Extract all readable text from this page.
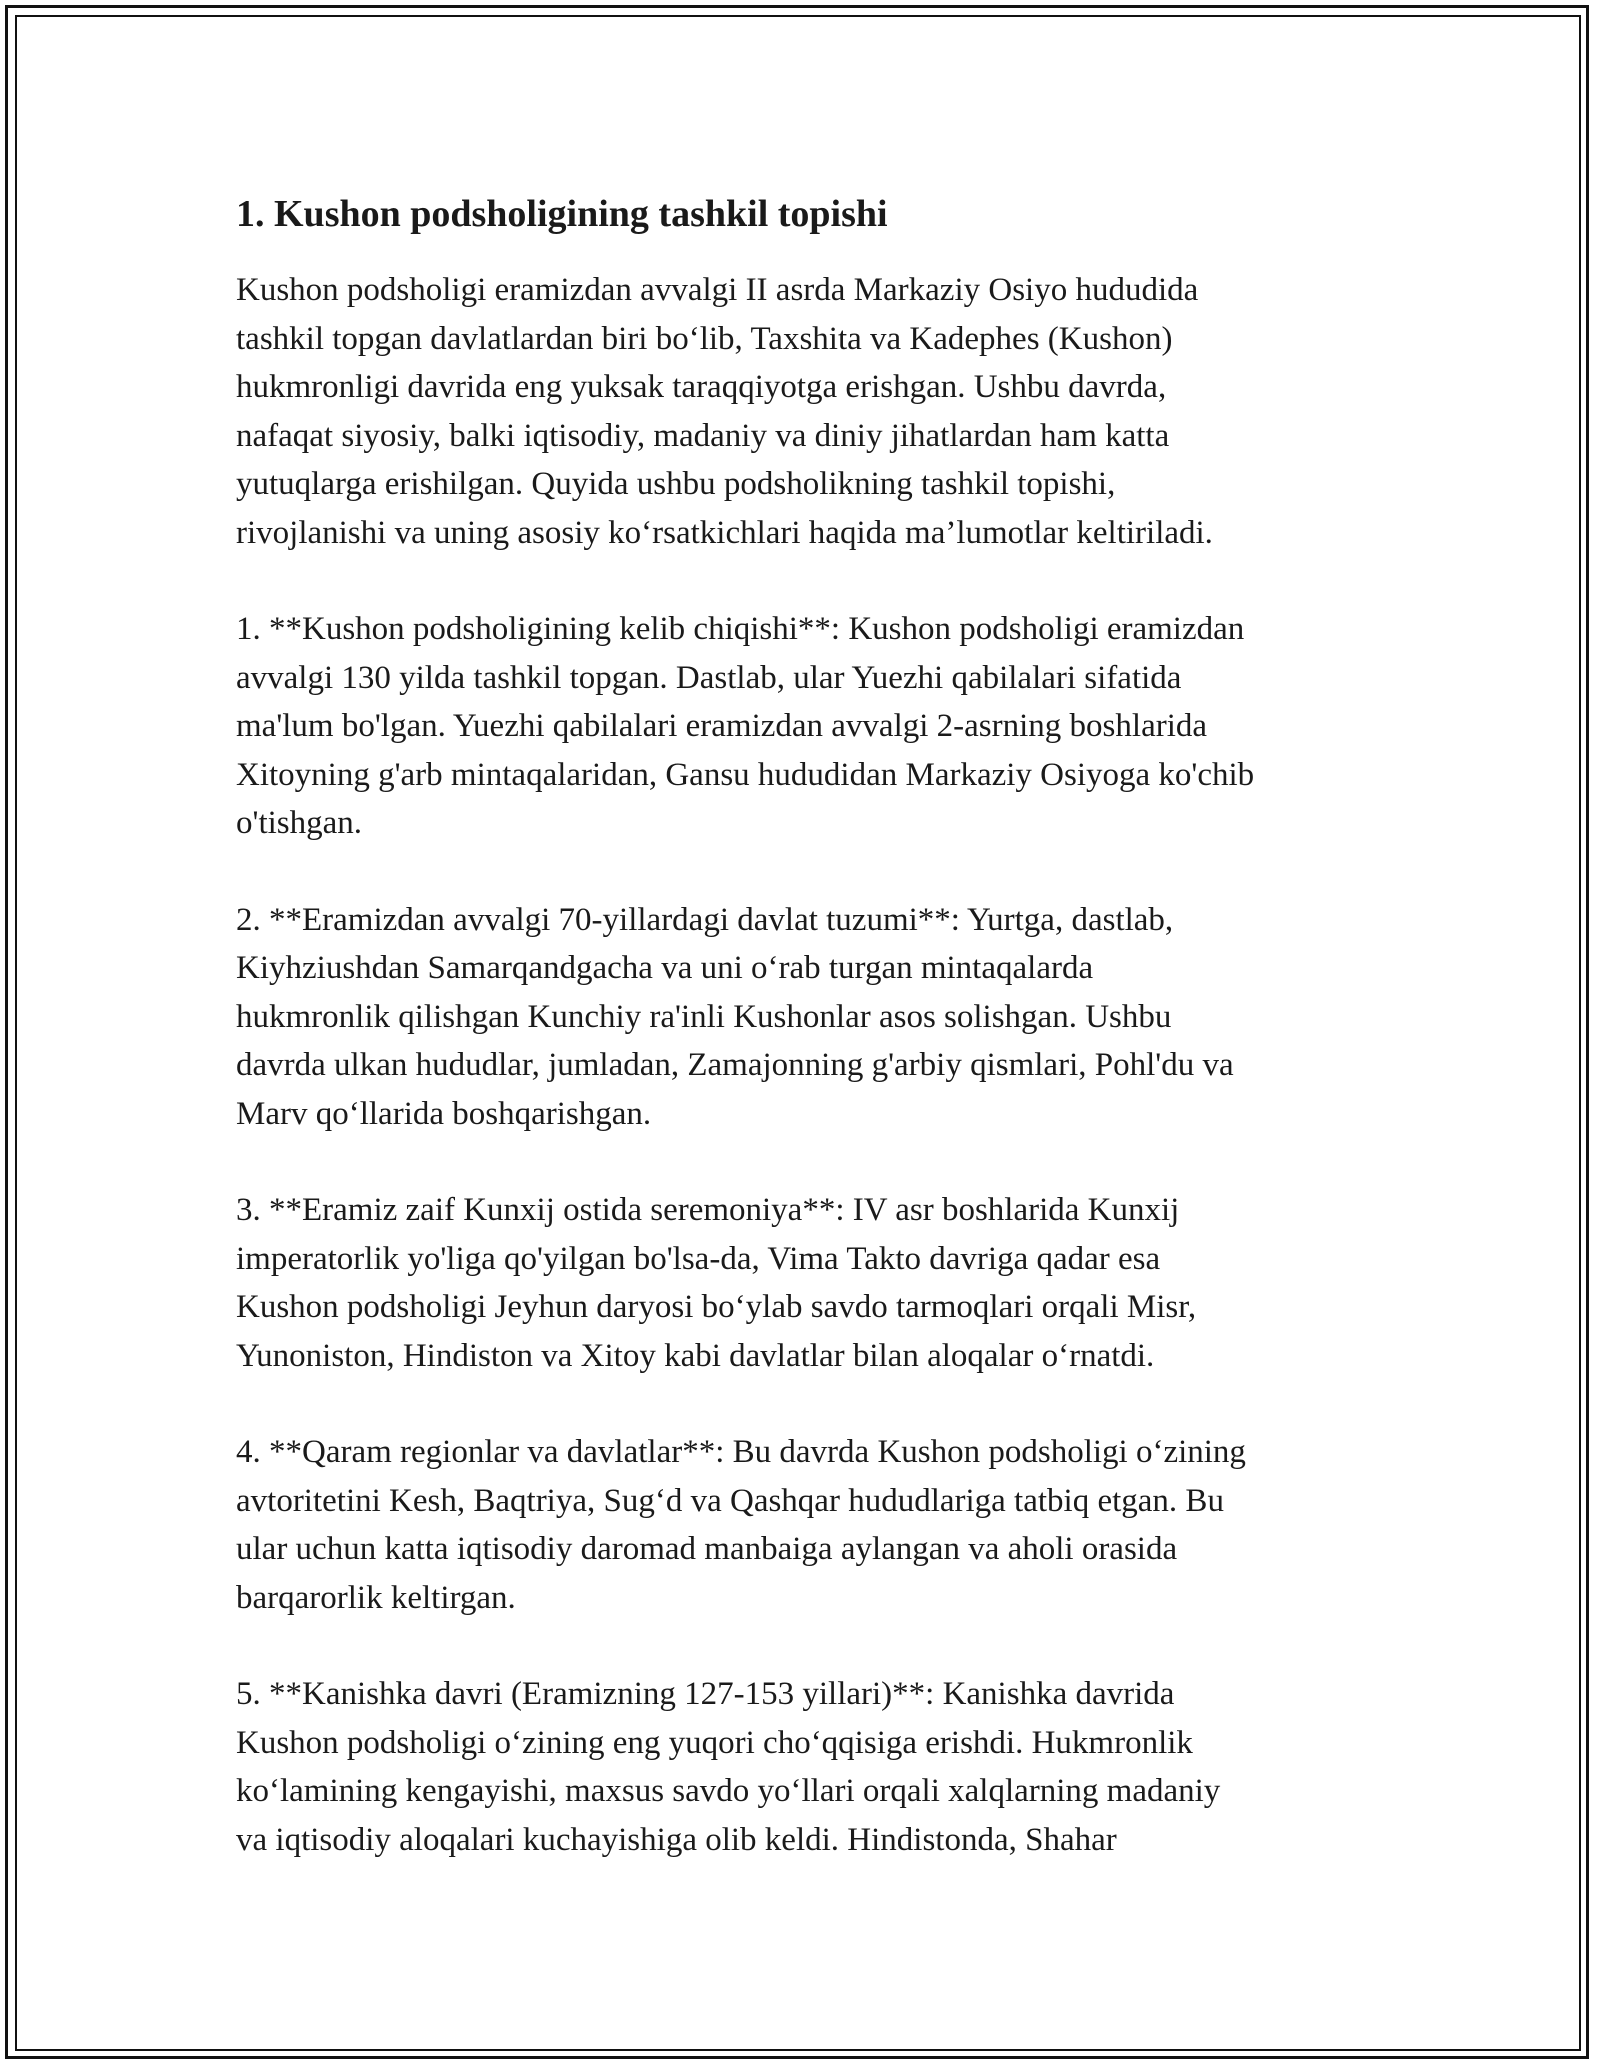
1. Kushon podsholigining tashkil topishi

Kushon podsholigi eramizdan avvalgi II asrda Markaziy Osiyo hududida
tashkil topgan davlatlardan biri bo‘lib, Taxshita va Kadephes (Kushon)
hukmronligi davrida eng yuksak taraqqiyotga erishgan. Ushbu davrda,
nafaqat siyosiy, balki iqtisodiy, madaniy va diniy jihatlardan ham katta
yutuqlarga erishilgan. Quyida ushbu podsholikning tashkil topishi,
rivojlanishi va uning asosiy ko‘rsatkichlari haqida ma’lumotlar keltiriladi.

1. **Kushon podsholigining kelib chiqishi**: Kushon podsholigi eramizdan
avvalgi 130 yilda tashkil topgan. Dastlab, ular Yuezhi qabilalari sifatida
ma'lum bo'lgan. Yuezhi qabilalari eramizdan avvalgi 2-asrning boshlarida
Xitoyning g'arb mintaqalaridan, Gansu hududidan Markaziy Osiyoga ko'chib
o'tishgan.

2. **Eramizdan avvalgi 70-yillardagi davlat tuzumi**: Yurtga, dastlab,
Kiyhziushdan Samarqandgacha va uni o‘rab turgan mintaqalarda
hukmronlik qilishgan Kunchiy ra'inli Kushonlar asos solishgan. Ushbu
davrda ulkan hududlar, jumladan, Zamajonning g'arbiy qismlari, Pohl'du va
Marv qo‘llarida boshqarishgan.

3. **Eramiz zaif Kunxij ostida seremoniya**: IV asr boshlarida Kunxij
imperatorlik yo'liga qo'yilgan bo'lsa-da, Vima Takto davriga qadar esa
Kushon podsholigi Jeyhun daryosi bo‘ylab savdo tarmoqlari orqali Misr,
Yunoniston, Hindiston va Xitoy kabi davlatlar bilan aloqalar o‘rnatdi.

4. **Qaram regionlar va davlatlar**: Bu davrda Kushon podsholigi o‘zining
avtoritetini Kesh, Baqtriya, Sug‘d va Qashqar hududlariga tatbiq etgan. Bu
ular uchun katta iqtisodiy daromad manbaiga aylangan va aholi orasida
barqarorlik keltirgan.

5. **Kanishka davri (Eramizning 127-153 yillari)**: Kanishka davrida
Kushon podsholigi o‘zining eng yuqori cho‘qqisiga erishdi. Hukmronlik
ko‘lamining kengayishi, maxsus savdo yo‘llari orqali xalqlarning madaniy
va iqtisodiy aloqalari kuchayishiga olib keldi. Hindistonda, Shahar
